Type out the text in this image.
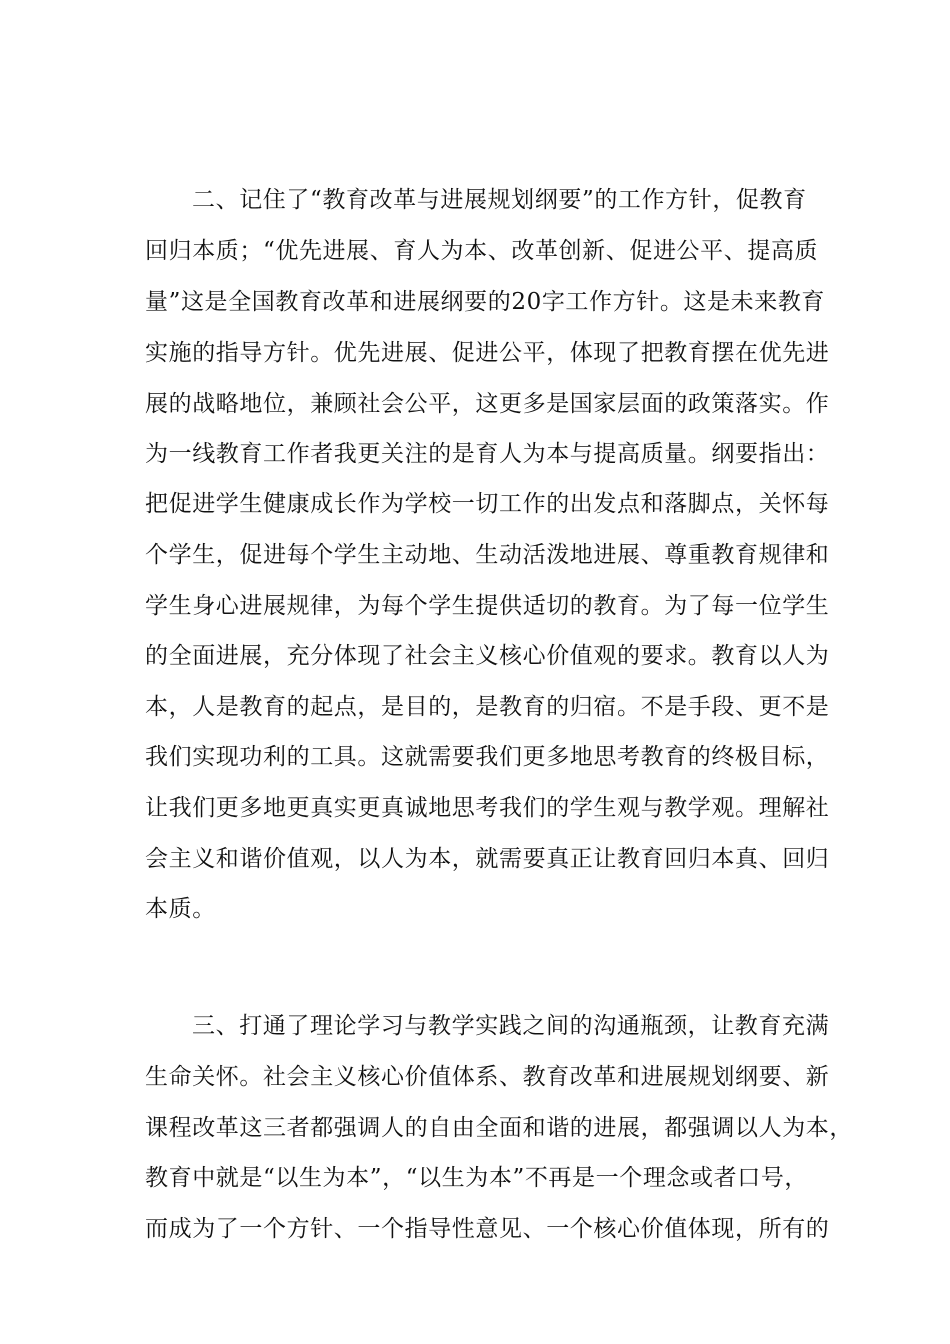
二、记住了“教育改革与进展规划纲要”的工作方针，促教育
回归本质；“优先进展、育人为本、改革创新、促进公平、提高质
量”这是全国教育改革和进展纲要的20字工作方针。这是未来教育
实施的指导方针。优先进展、促进公平，体现了把教育摆在优先进
展的战略地位，兼顾社会公平，这更多是国家层面的政策落实。作
为一线教育工作者我更关注的是育人为本与提高质量。纲要指出：
把促进学生健康成长作为学校一切工作的出发点和落脚点，关怀每
个学生，促进每个学生主动地、生动活泼地进展、尊重教育规律和
学生身心进展规律，为每个学生提供适切的教育。为了每一位学生
的全面进展，充分体现了社会主义核心价值观的要求。教育以人为
本，人是教育的起点，是目的，是教育的归宿。不是手段、更不是
我们实现功利的工具。这就需要我们更多地思考教育的终极目标，
让我们更多地更真实更真诚地思考我们的学生观与教学观。理解社
会主义和谐价值观，以人为本，就需要真正让教育回归本真、回归
本质。
三、打通了理论学习与教学实践之间的沟通瓶颈，让教育充满
生命关怀。社会主义核心价值体系、教育改革和进展规划纲要、新
课程改革这三者都强调人的自由全面和谐的进展，都强调以人为本，
教育中就是“以生为本”，“以生为本”不再是一个理念或者口号，
而成为了一个方针、一个指导性意见、一个核心价值体现，所有的
